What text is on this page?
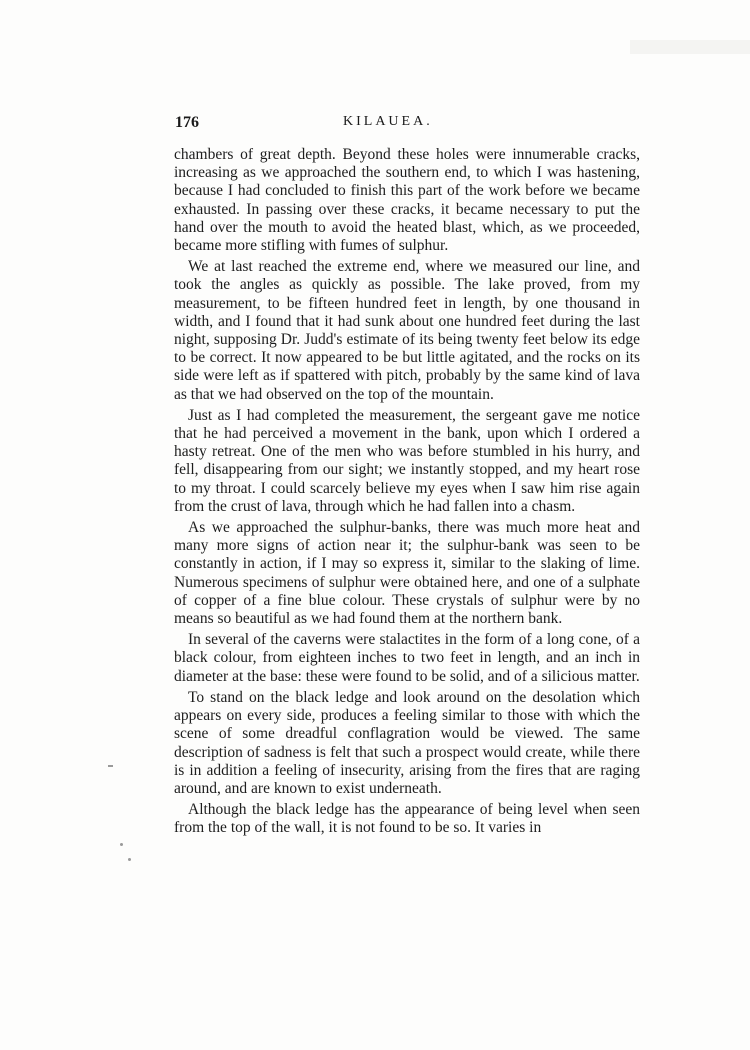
176	KILAUEA.

chambers of great depth. Beyond these holes were innumerable cracks, increasing as we approached the southern end, to which I was hastening, because I had concluded to finish this part of the work before we became exhausted. In passing over these cracks, it became necessary to put the hand over the mouth to avoid the heated blast, which, as we proceeded, became more stifling with fumes of sulphur.

We at last reached the extreme end, where we measured our line, and took the angles as quickly as possible. The lake proved, from my measurement, to be fifteen hundred feet in length, by one thousand in width, and I found that it had sunk about one hundred feet during the last night, supposing Dr. Judd's estimate of its being twenty feet below its edge to be correct. It now appeared to be but little agitated, and the rocks on its side were left as if spattered with pitch, probably by the same kind of lava as that we had observed on the top of the mountain.

Just as I had completed the measurement, the sergeant gave me notice that he had perceived a movement in the bank, upon which I ordered a hasty retreat. One of the men who was before stumbled in his hurry, and fell, disappearing from our sight; we instantly stopped, and my heart rose to my throat. I could scarcely believe my eyes when I saw him rise again from the crust of lava, through which he had fallen into a chasm.

As we approached the sulphur-banks, there was much more heat and many more signs of action near it; the sulphur-bank was seen to be constantly in action, if I may so express it, similar to the slaking of lime. Numerous specimens of sulphur were obtained here, and one of a sulphate of copper of a fine blue colour. These crystals of sulphur were by no means so beautiful as we had found them at the northern bank.

In several of the caverns were stalactites in the form of a long cone, of a black colour, from eighteen inches to two feet in length, and an inch in diameter at the base: these were found to be solid, and of a silicious matter.

To stand on the black ledge and look around on the desolation which appears on every side, produces a feeling similar to those with which the scene of some dreadful conflagration would be viewed. The same description of sadness is felt that such a prospect would create, while there is in addition a feeling of insecurity, arising from the fires that are raging around, and are known to exist underneath.

Although the black ledge has the appearance of being level when seen from the top of the wall, it is not found to be so. It varies in
